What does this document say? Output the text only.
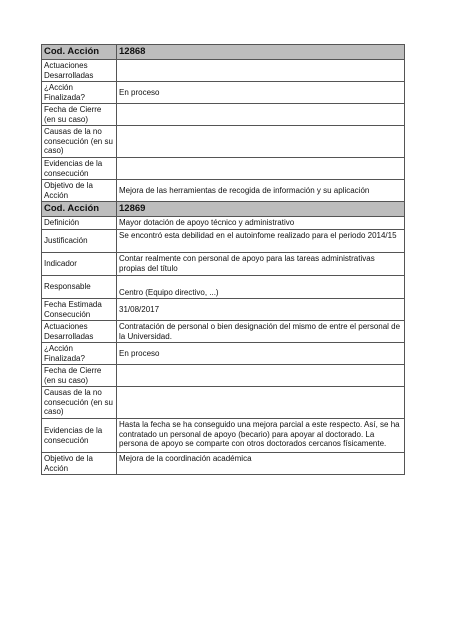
Cod. Acción	12868
Actuaciones Desarrolladas	
¿Acción Finalizada?	En proceso
Fecha de Cierre (en su caso)	
Causas de la no consecución (en su caso)	
Evidencias de la consecución	
Objetivo de la Acción	Mejora de las herramientas de recogida de información y su aplicación
Cod. Acción	12869
Definición	Mayor dotación de apoyo técnico y administrativo
Justificación	Se encontró esta debilidad en el autoinfome realizado para el periodo 2014/15
Indicador	Contar realmente con personal de apoyo para las tareas administrativas propias del título
Responsable	Centro (Equipo directivo, ...)
Fecha Estimada Consecución	31/08/2017
Actuaciones Desarrolladas	Contratación de personal o bien designación del mismo de entre el personal de la Universidad.
¿Acción Finalizada?	En proceso
Fecha de Cierre (en su caso)	
Causas de la no consecución (en su caso)	
Evidencias de la consecución	Hasta la fecha se ha conseguido una mejora parcial a este respecto. Así, se ha contratado un personal de apoyo (becario) para apoyar al doctorado. La persona de apoyo se comparte con otros doctorados cercanos físicamente.
Objetivo de la Acción	Mejora de la coordinación académica
